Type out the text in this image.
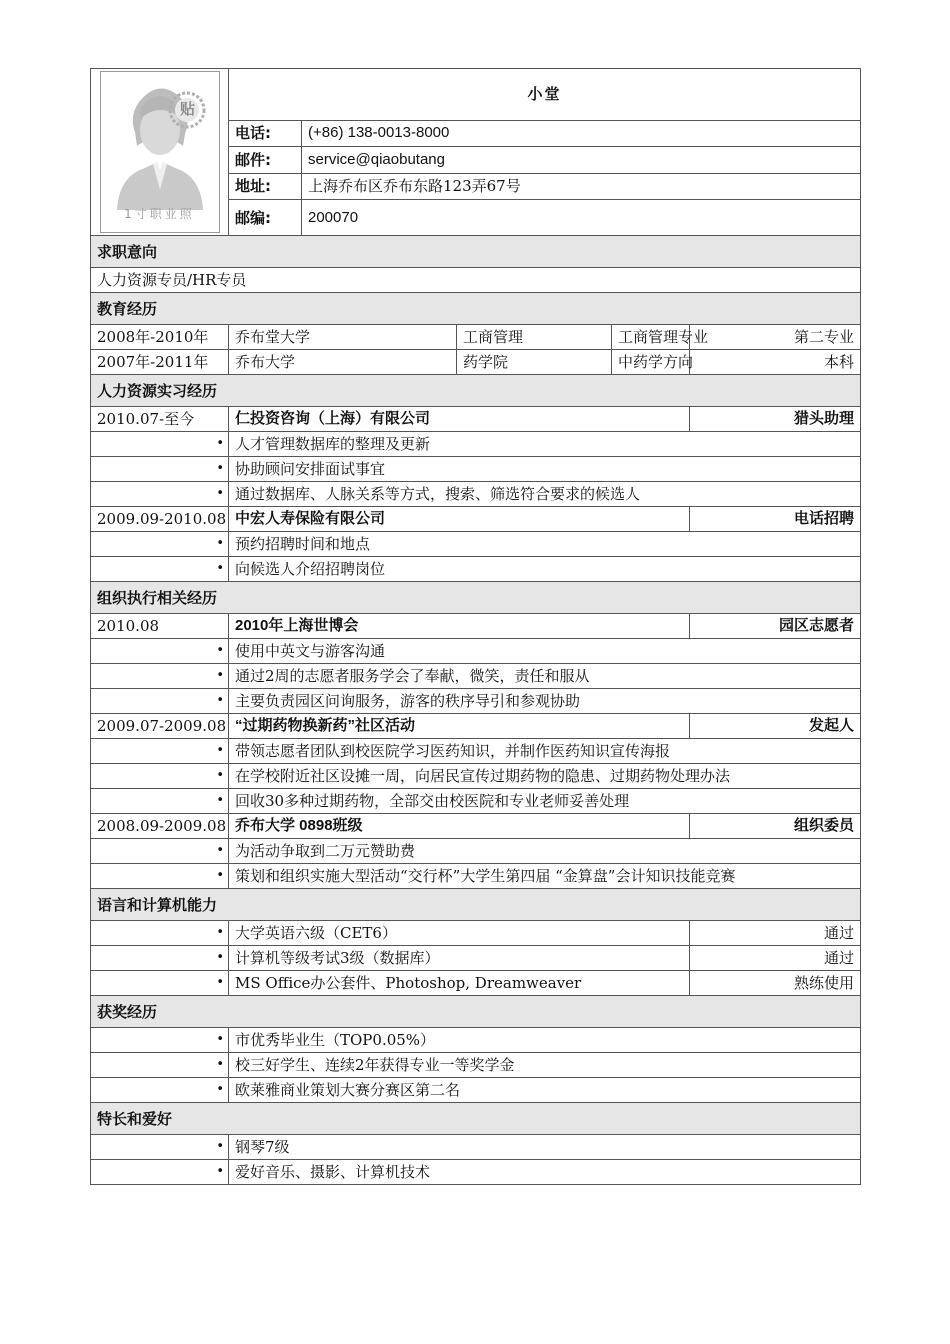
贴
1寸职业照	小堂				
	电话:	(+86) 138-0013-8000			
	邮件:	service@qiaobutang			
	地址:	上海乔布区乔布东路123弄67号			
	邮编:	200070			
求职意向					
人力资源专员/HR专员					
教育经历					
2008年-2010年	乔布堂大学		工商管理	工商管理专业	第二专业
2007年-2011年	乔布大学		药学院	中药学方向	本科
人力资源实习经历					
2010.07-至今	仁投资咨询（上海）有限公司				猎头助理
•	人才管理数据库的整理及更新				
•	协助顾问安排面试事宜				
•	通过数据库、人脉关系等方式，搜索、筛选符合要求的候选人				
2009.09-2010.08	中宏人寿保险有限公司				电话招聘
•	预约招聘时间和地点				
•	向候选人介绍招聘岗位				
组织执行相关经历					
2010.08	2010年上海世博会				园区志愿者
•	使用中英文与游客沟通				
•	通过2周的志愿者服务学会了奉献，微笑，责任和服从				
•	主要负责园区问询服务，游客的秩序导引和参观协助				
2009.07-2009.08	“过期药物换新药”社区活动				发起人
•	带领志愿者团队到校医院学习医药知识，并制作医药知识宣传海报				
•	在学校附近社区设摊一周，向居民宣传过期药物的隐患、过期药物处理办法				
•	回收30多种过期药物，全部交由校医院和专业老师妥善处理				
2008.09-2009.08	乔布大学 0898班级				组织委员
•	为活动争取到二万元赞助费				
•	策划和组织实施大型活动“交行杯”大学生第四届 “金算盘”会计知识技能竞赛				
语言和计算机能力					
•	大学英语六级（CET6）				通过
•	计算机等级考试3级（数据库）				通过
•	MS Office办公套件、Photoshop, Dreamweaver				熟练使用
获奖经历					
•	市优秀毕业生（TOP0.05%）				
•	校三好学生、连续2年获得专业一等奖学金				
•	欧莱雅商业策划大赛分赛区第二名				
特长和爱好					
•	钢琴7级				
•	爱好音乐、摄影、计算机技术				
